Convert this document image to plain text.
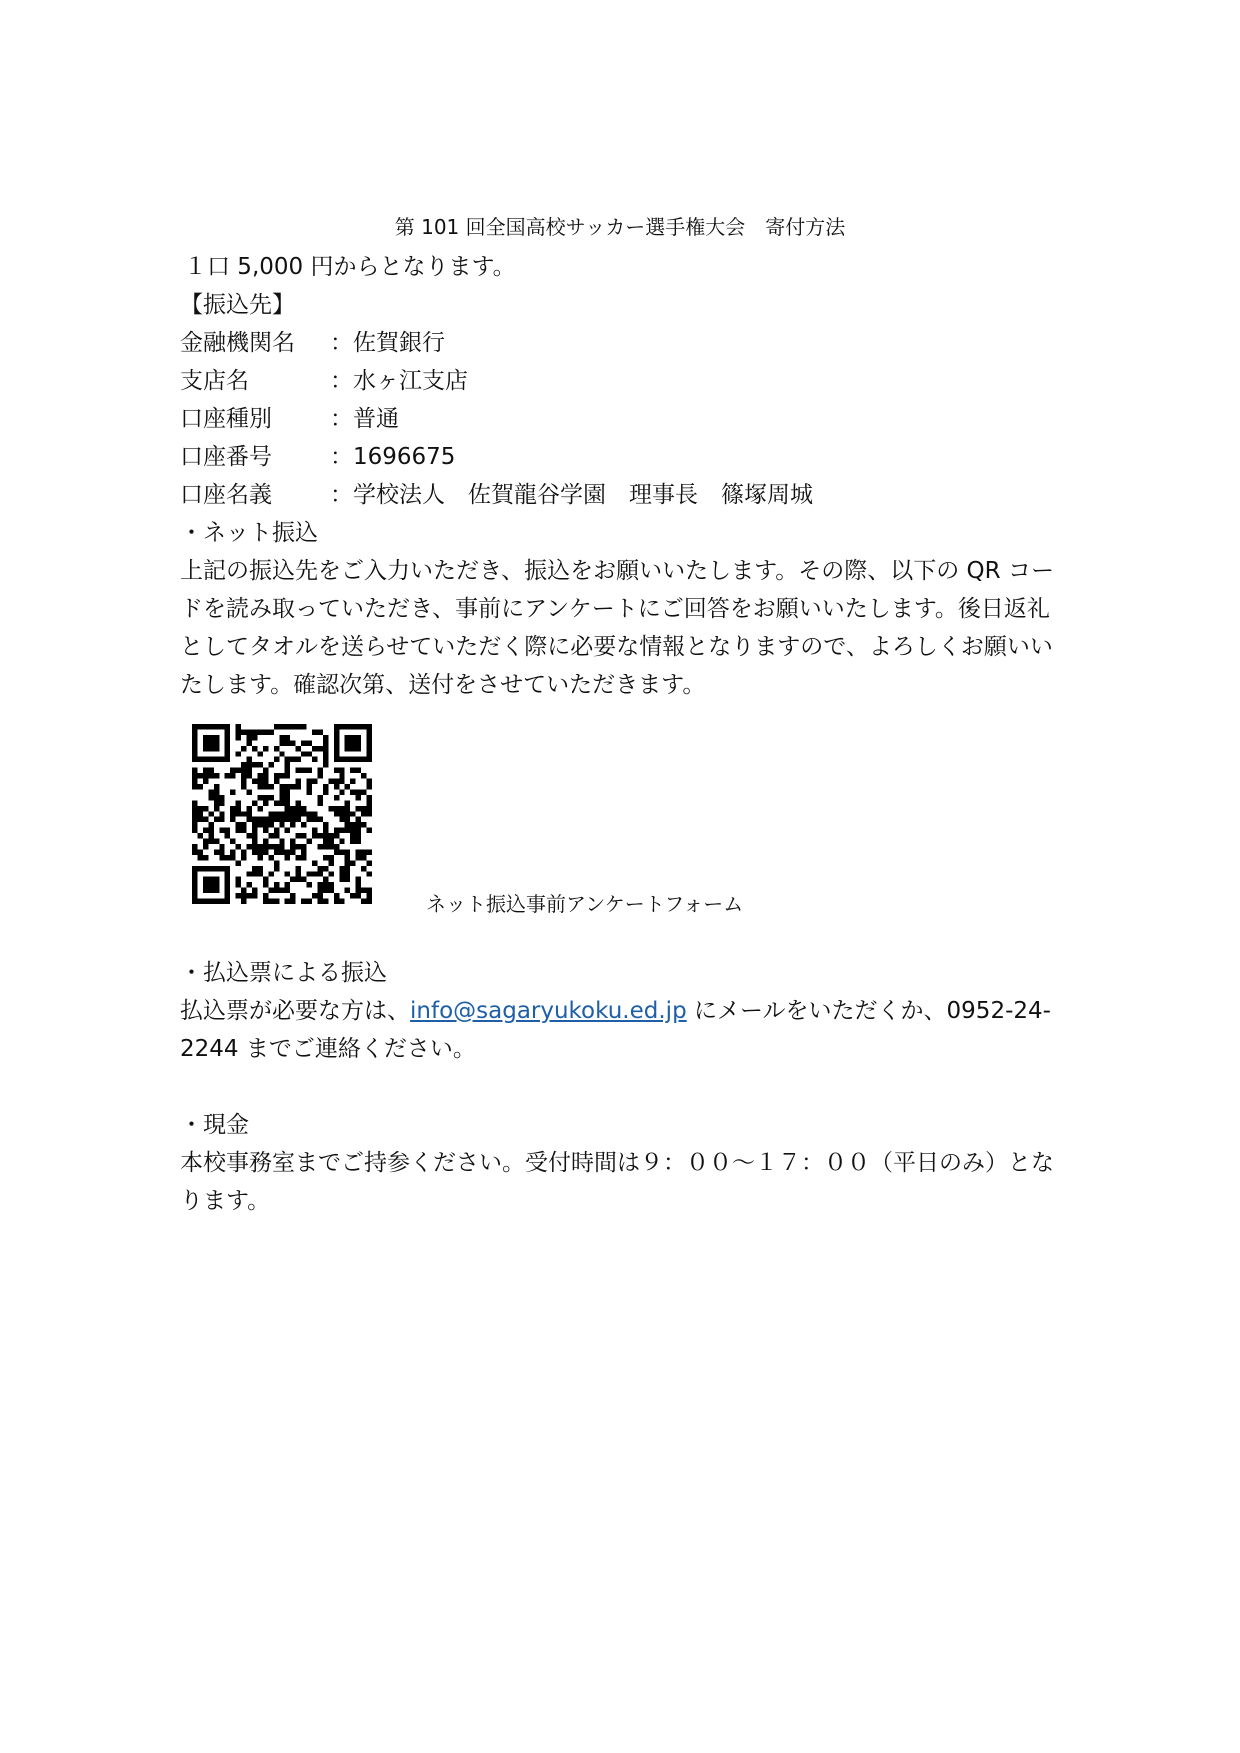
第 101 回全国高校サッカー選手権大会　寄付方法
１口 5,000 円からとなります。
【振込先】
金融機関名	：佐賀銀行
支店名	：水ヶ江支店
口座種別	：普通
口座番号	：1696675
口座名義	：学校法人　佐賀龍谷学園　理事長　篠塚周城
・ネット振込

上記の振込先をご入力いただき、振込をお願いいたします。その際、以下の QR コードを読み取っていただき、事前にアンケートにご回答をお願いいたします。後日返礼としてタオルを送らせていただく際に必要な情報となりますので、よろしくお願いいたします。確認次第、送付をさせていただきます。

ネット振込事前アンケートフォーム
・払込票による振込

払込票が必要な方は、info@sagaryukoku.ed.jp にメールをいただくか、0952-24-2244 までご連絡ください。

・現金

本校事務室までご持参ください。受付時間は９：００～１７：００（平日のみ）となります。
